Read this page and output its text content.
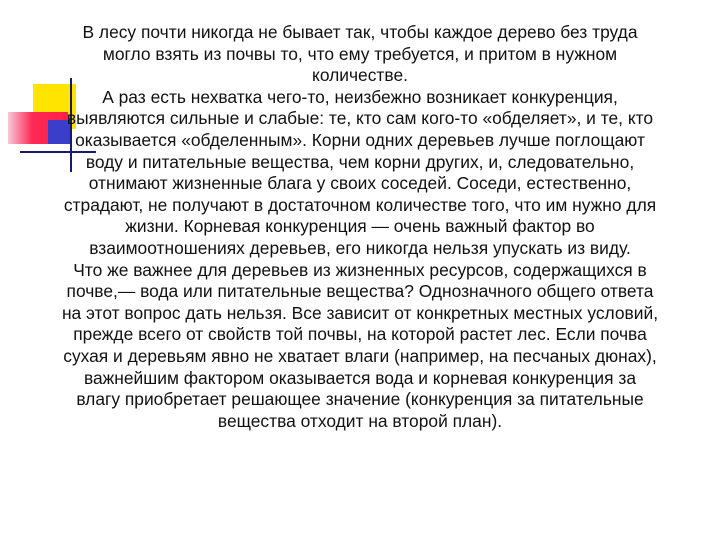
В лесу почти никогда не бывает так, чтобы каждое дерево без труда
могло взять из почвы то, что ему требуется, и притом в нужном
количестве.
А раз есть нехватка чего-то, неизбежно возникает конкуренция,
выявляются сильные и слабые: те, кто сам кого-то «обделяет», и те, кто
оказывается «обделенным». Корни одних деревьев лучше поглощают
воду и питательные вещества, чем корни других, и, следовательно,
отнимают жизненные блага у своих соседей. Соседи, естественно,
страдают, не получают в достаточном количестве того, что им нужно для
жизни. Корневая конкуренция — очень важный фактор во
взаимоотношениях деревьев, его никогда нельзя упускать из виду.
Что же важнее для деревьев из жизненных ресурсов, содержащихся в
почве,— вода или питательные вещества? Однозначного общего ответа
на этот вопрос дать нельзя. Все зависит от конкретных местных условий,
прежде всего от свойств той почвы, на которой растет лес. Если почва
сухая и деревьям явно не хватает влаги (например, на песчаных дюнах),
важнейшим фактором оказывается вода и корневая конкуренция за
влагу приобретает решающее значение (конкуренция за питательные
вещества отходит на второй план).
